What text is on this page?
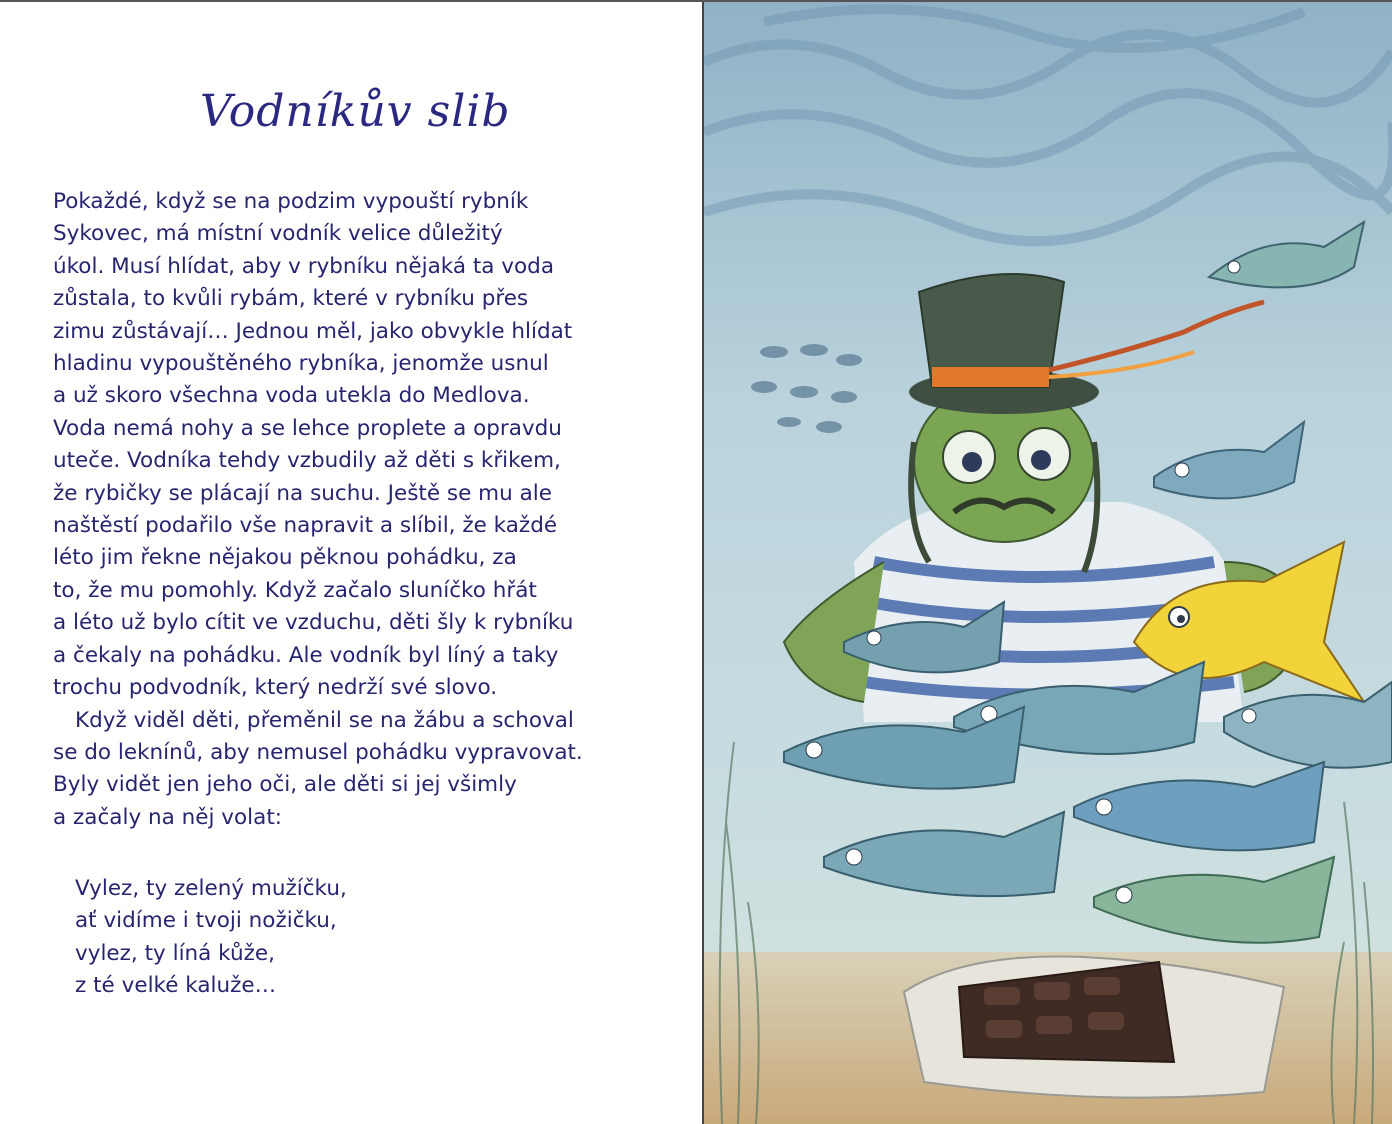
Vodníkův slib
Pokaždé, když se na podzim vypouští rybník
Sykovec, má místní vodník velice důležitý
úkol. Musí hlídat, aby v rybníku nějaká ta voda
zůstala, to kvůli rybám, které v rybníku přes
zimu zůstávají… Jednou měl, jako obvykle hlídat
hladinu vypouštěného rybníka, jenomže usnul
a už skoro všechna voda utekla do Medlova.
Voda nemá nohy a se lehce proplete a opravdu
uteče. Vodníka tehdy vzbudily až děti s křikem,
že rybičky se plácají na suchu. Ještě se mu ale
naštěstí podařilo vše napravit a slíbil, že každé
léto jim řekne nějakou pěknou pohádku, za
to, že mu pomohly. Když začalo sluníčko hřát
a léto už bylo cítit ve vzduchu, děti šly k rybníku
a čekaly na pohádku. Ale vodník byl líný a taky
trochu podvodník, který nedrží své slovo.
Když viděl děti, přeměnil se na žábu a schoval
se do leknínů, aby nemusel pohádku vypravovat.
Byly vidět jen jeho oči, ale děti si jej všimly
a začaly na něj volat:
Vylez, ty zelený mužíčku,
ať vidíme i tvoji nožičku,
vylez, ty líná kůže,
z té velké kaluže…
